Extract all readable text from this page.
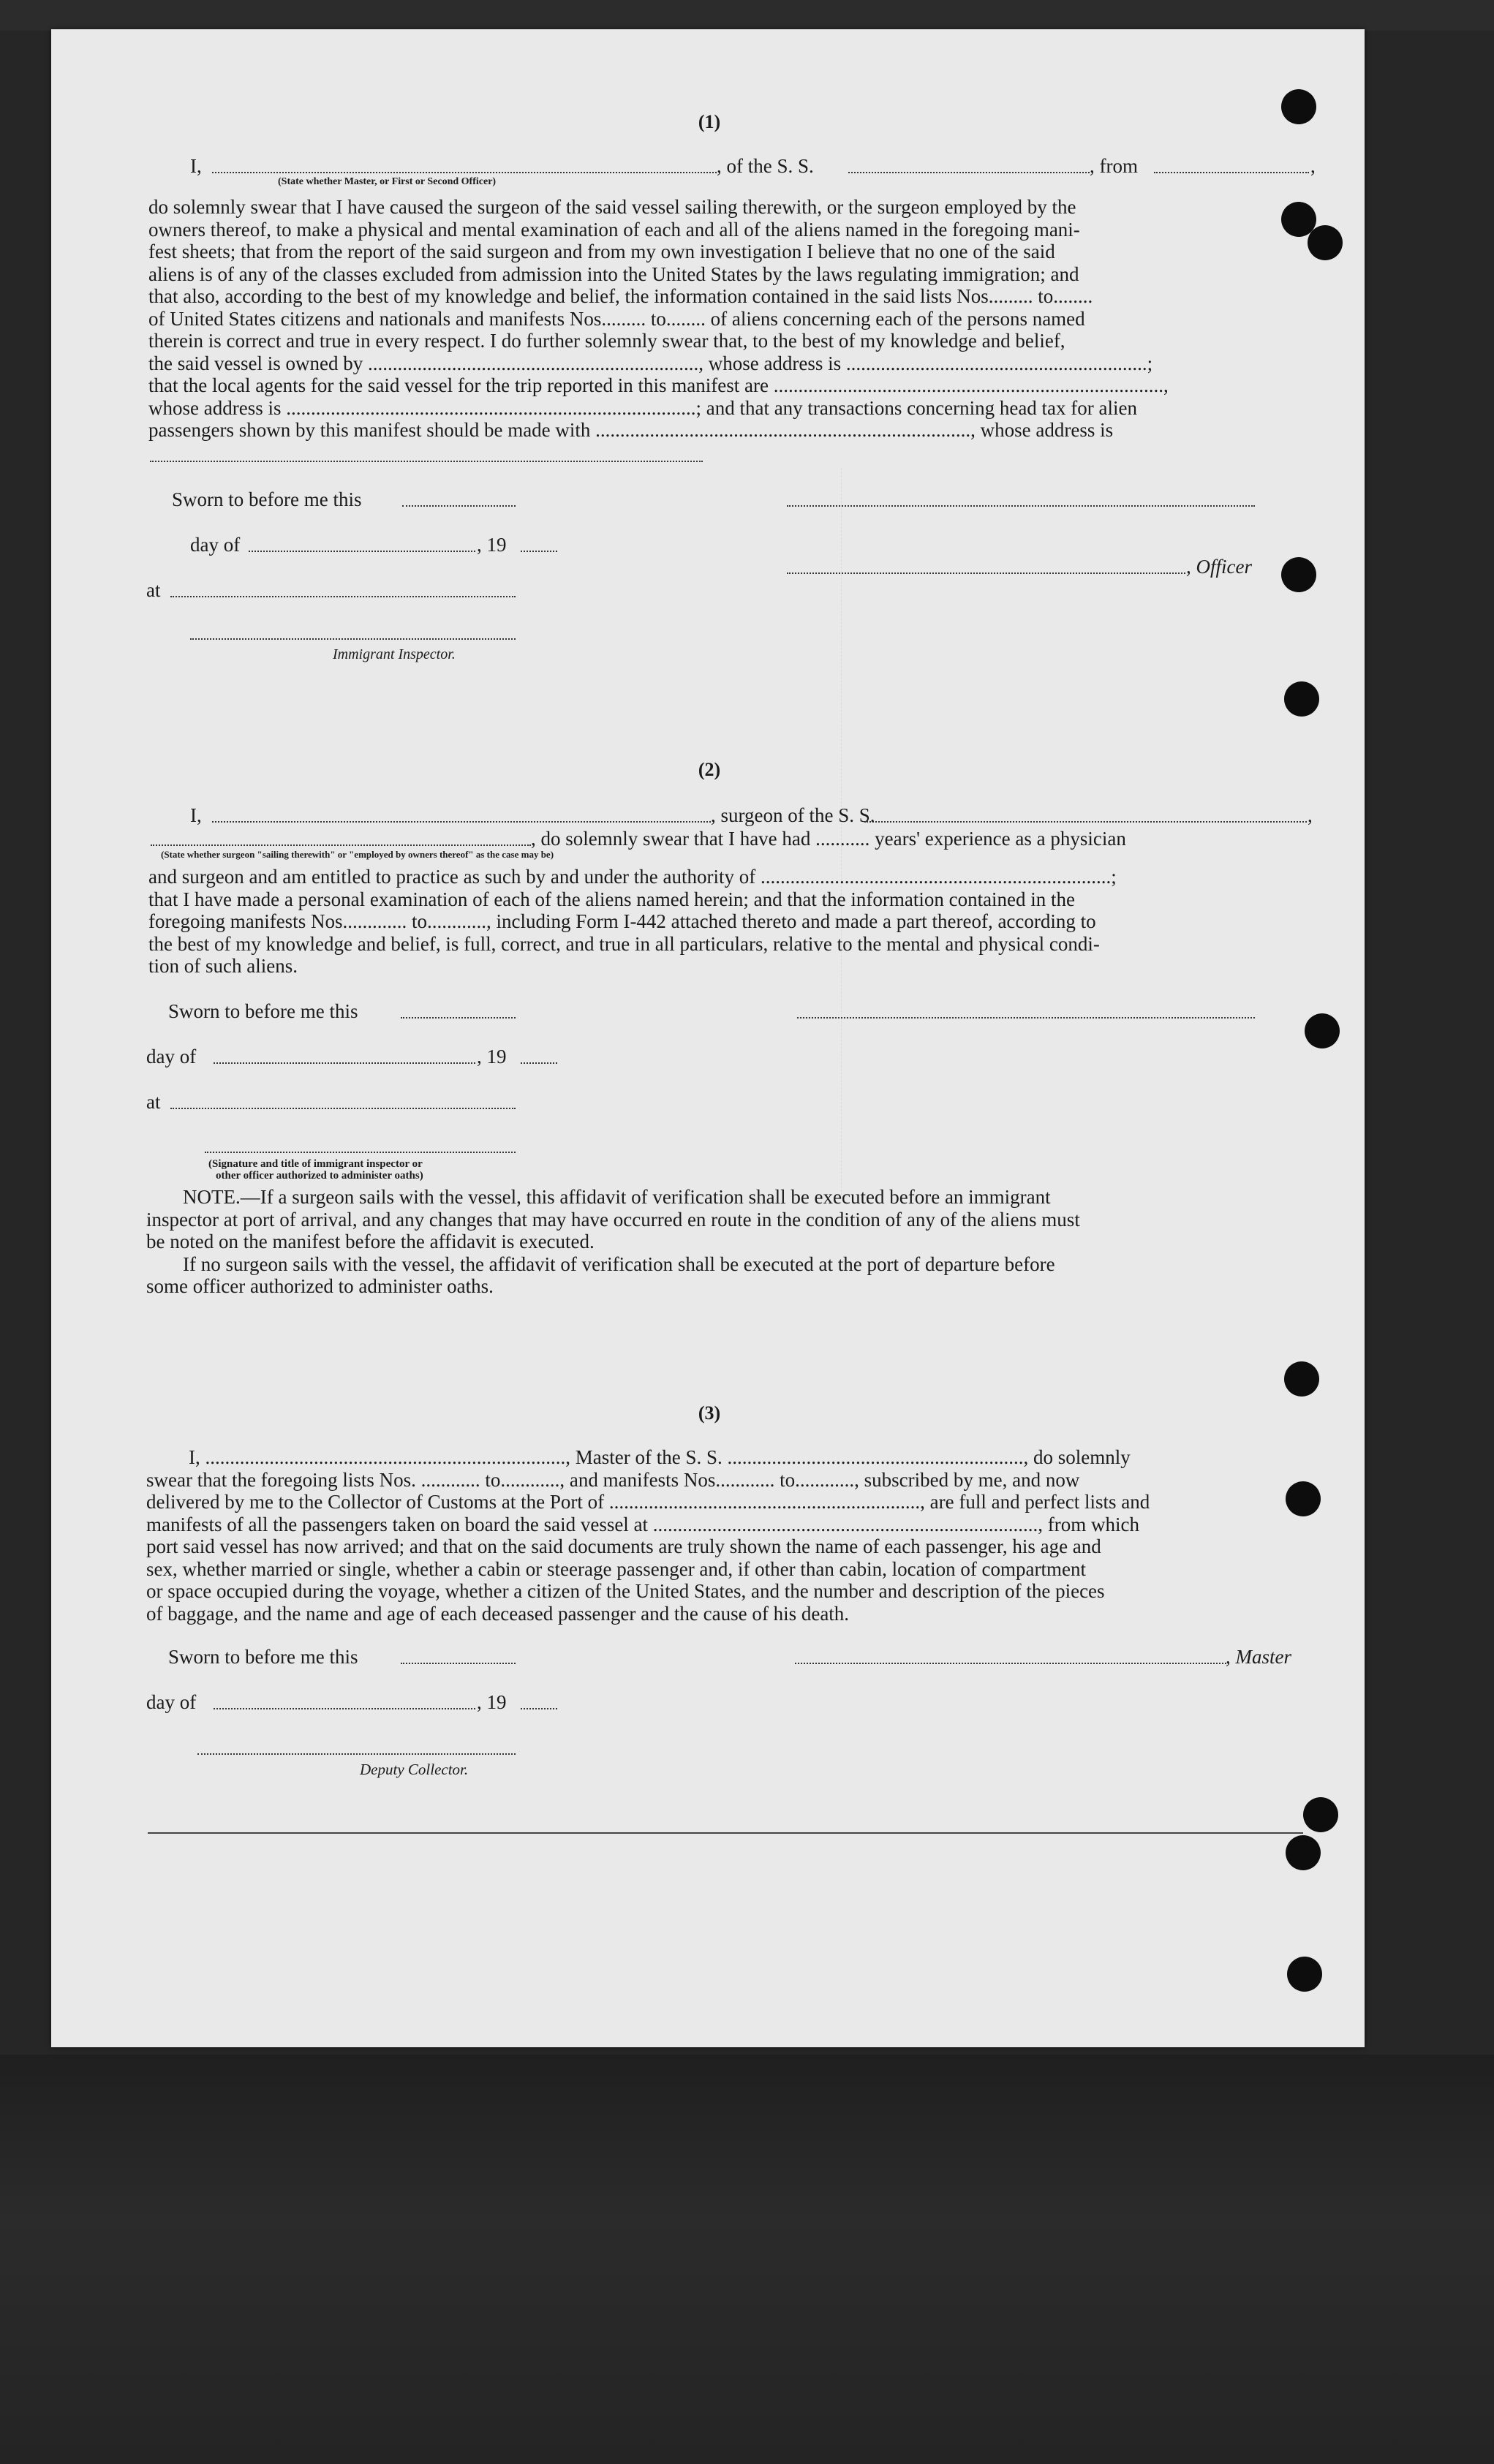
(1)
I,	, of the S. S.	, from	,
(State whether Master, or First or Second Officer)

do solemnly swear that I have caused the surgeon of the said vessel sailing therewith, or the surgeon employed by the

owners thereof, to make a physical and mental examination of each and all of the aliens named in the foregoing mani-

fest sheets; that from the report of the said surgeon and from my own investigation I believe that no one of the said

aliens is of any of the classes excluded from admission into the United States by the laws regulating immigration; and

that also, according to the best of my knowledge and belief, the information contained in the said lists Nos......... to........

of United States citizens and nationals and manifests Nos......... to........ of aliens concerning each of the persons named

therein is correct and true in every respect. I do further solemnly swear that, to the best of my knowledge and belief,

the said vessel is owned by ..................................................................., whose address is .............................................................;

that the local agents for the said vessel for the trip reported in this manifest are ...............................................................................,

whose address is ...................................................................................; and that any transactions concerning head tax for alien

passengers shown by this manifest should be made with ............................................................................, whose address is

Sworn to before me this
day of	, 19
, Officer
at
Immigrant Inspector.
(2)
I,	, surgeon of the S. S.	,
, do solemnly swear that I have had ........... years' experience as a physician
(State whether surgeon "sailing therewith" or "employed by owners thereof" as the case may be)

and surgeon and am entitled to practice as such by and under the authority of .......................................................................;

that I have made a personal examination of each of the aliens named herein; and that the information contained in the

foregoing manifests Nos............. to............, including Form I-442 attached thereto and made a part thereof, according to

the best of my knowledge and belief, is full, correct, and true in all particulars, relative to the mental and physical condi-

tion of such aliens.

Sworn to before me this
day of	, 19
at
(Signature and title of immigrant inspector or
other officer authorized to administer oaths)

NOTE.—If a surgeon sails with the vessel, this affidavit of verification shall be executed before an immigrant

inspector at port of arrival, and any changes that may have occurred en route in the condition of any of the aliens must

be noted on the manifest before the affidavit is executed.

If no surgeon sails with the vessel, the affidavit of verification shall be executed at the port of departure before

some officer authorized to administer oaths.

(3)

I, ........................................................................., Master of the S. S. ............................................................, do solemnly

swear that the foregoing lists Nos. ............ to............, and manifests Nos............ to............, subscribed by me, and now

delivered by me to the Collector of Customs at the Port of ..............................................................., are full and perfect lists and

manifests of all the passengers taken on board the said vessel at .............................................................................., from which

port said vessel has now arrived; and that on the said documents are truly shown the name of each passenger, his age and

sex, whether married or single, whether a cabin or steerage passenger and, if other than cabin, location of compartment

or space occupied during the voyage, whether a citizen of the United States, and the number and description of the pieces

of baggage, and the name and age of each deceased passenger and the cause of his death.

Sworn to before me this	, Master
day of	, 19
Deputy Collector.
